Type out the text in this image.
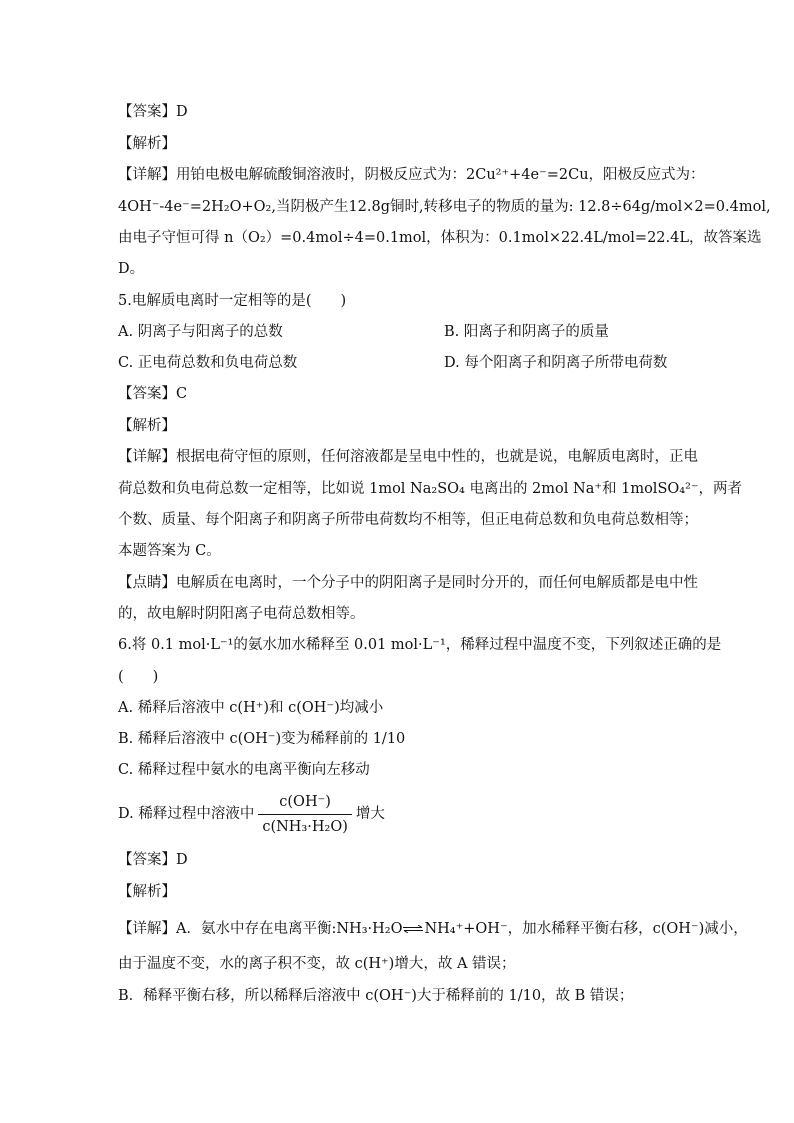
【答案】D
【解析】
【详解】用铂电极电解硫酸铜溶液时，阴极反应式为：2Cu²⁺+4e⁻=2Cu，阳极反应式为：
4OH⁻-4e⁻=2H₂O+O₂,当阴极产生12.8g铜时,转移电子的物质的量为: 12.8÷64g/mol×2=0.4mol,
由电子守恒可得 n（O₂）=0.4mol÷4=0.1mol，体积为：0.1mol×22.4L/mol=22.4L，故答案选
D。
5.电解质电离时一定相等的是(　　)
A. 阴离子与阳离子的总数	B. 阳离子和阴离子的质量
C. 正电荷总数和负电荷总数	D. 每个阳离子和阴离子所带电荷数
【答案】C
【解析】
【详解】根据电荷守恒的原则，任何溶液都是呈电中性的，也就是说，电解质电离时，正电
荷总数和负电荷总数一定相等，比如说 1mol Na₂SO₄ 电离出的 2mol Na⁺和 1molSO₄²⁻，两者
个数、质量、每个阳离子和阴离子所带电荷数均不相等，但正电荷总数和负电荷总数相等；
本题答案为 C。
【点睛】电解质在电离时，一个分子中的阴阳离子是同时分开的，而任何电解质都是电中性
的，故电解时阴阳离子电荷总数相等。
6.将 0.1 mol·L⁻¹的氨水加水稀释至 0.01 mol·L⁻¹，稀释过程中温度不变，下列叙述正确的是
(　　)
A. 稀释后溶液中 c(H⁺)和 c(OH⁻)均减小
B. 稀释后溶液中 c(OH⁻)变为稀释前的 1/10
C. 稀释过程中氨水的电离平衡向左移动
D. 稀释过程中溶液中 $\frac{c(OH^-)}{\text{c(NH₃·H₂O)}}$ 增大
【答案】D
【解析】
【详解】A．氨水中存在电离平衡:NH₃·H₂O⇌NH₄⁺+OH⁻，加水稀释平衡右移，c(OH⁻)减小，
由于温度不变，水的离子积不变，故 c(H⁺)增大，故 A 错误；
B．稀释平衡右移，所以稀释后溶液中 c(OH⁻)大于稀释前的 1/10，故 B 错误；
